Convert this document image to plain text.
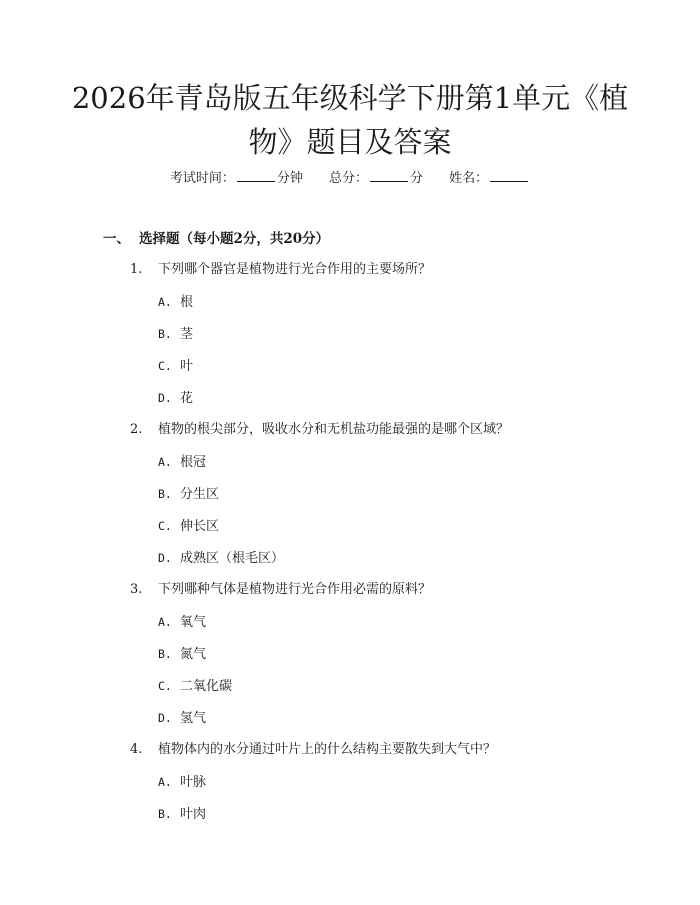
2026年青岛版五年级科学下册第1单元《植
物》题目及答案
考试时间：	分钟 总分：	分 姓名：
一、 选择题（每小题2分，共20分）
1. 下列哪个器官是植物进行光合作用的主要场所？
A. 根
B. 茎
C. 叶
D. 花
2. 植物的根尖部分，吸收水分和无机盐功能最强的是哪个区域？
A. 根冠
B. 分生区
C. 伸长区
D. 成熟区（根毛区）
3. 下列哪种气体是植物进行光合作用必需的原料？
A. 氧气
B. 氮气
C. 二氧化碳
D. 氢气
4. 植物体内的水分通过叶片上的什么结构主要散失到大气中？
A. 叶脉
B. 叶肉
